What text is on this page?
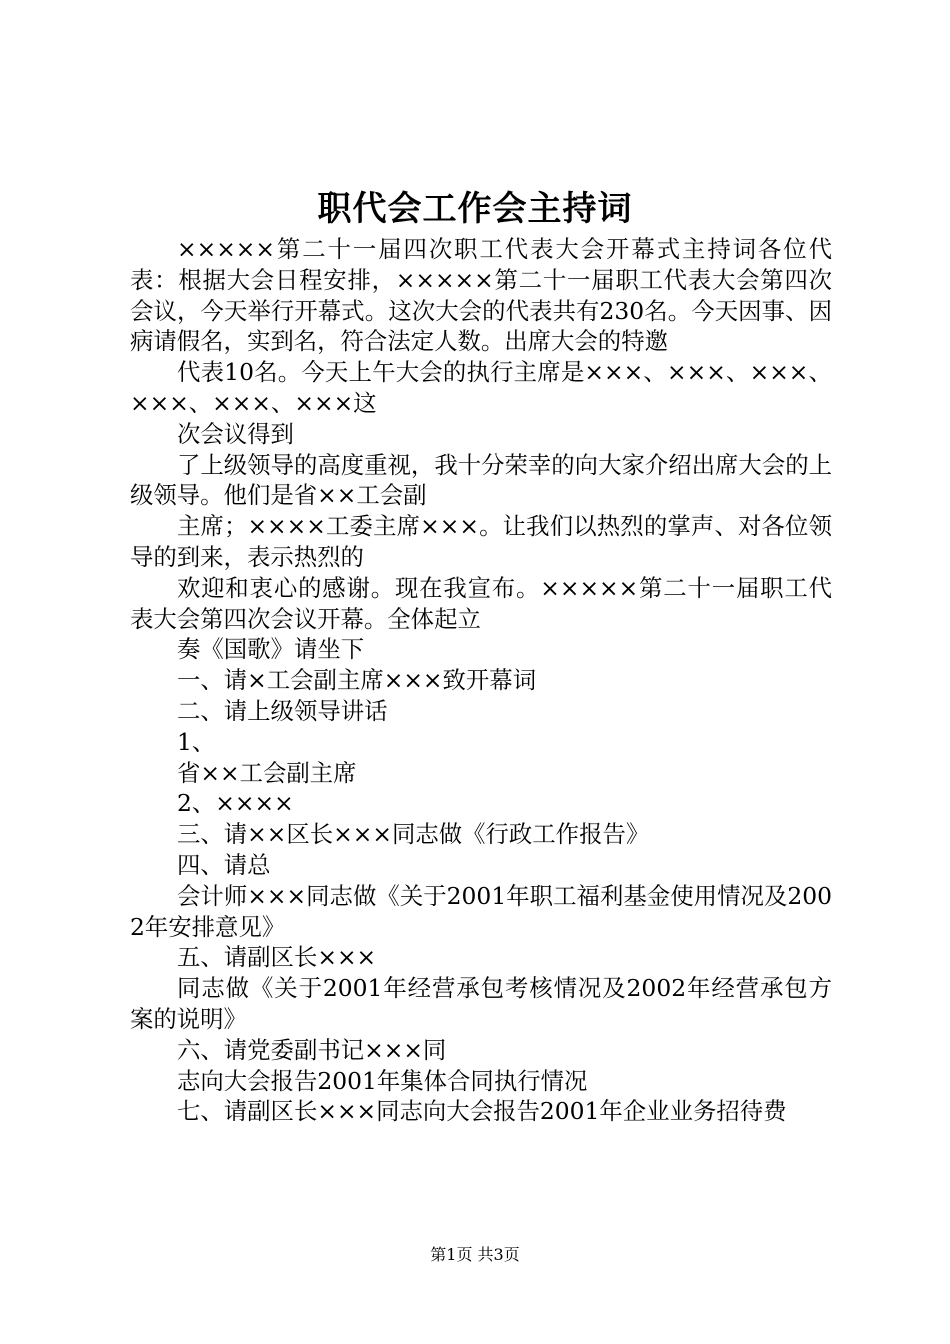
职代会工作会主持词

×××××第二十一届四次职工代表大会开幕式主持词各位代表：根据大会日程安排，×××××第二十一届职工代表大会第四次会议，今天举行开幕式。这次大会的代表共有230名。今天因事、因病请假名，实到名，符合法定人数。出席大会的特邀

代表10名。今天上午大会的执行主席是×××、×××、×××、×××、×××、×××这

次会议得到

了上级领导的高度重视，我十分荣幸的向大家介绍出席大会的上级领导。他们是省××工会副

主席；××××工委主席×××。让我们以热烈的掌声、对各位领导的到来，表示热烈的

欢迎和衷心的感谢。现在我宣布。×××××第二十一届职工代表大会第四次会议开幕。全体起立

奏《国歌》请坐下

一、请×工会副主席×××致开幕词

二、请上级领导讲话

1、

省××工会副主席

2、××××

三、请××区长×××同志做《行政工作报告》

四、请总

会计师×××同志做《关于2001年职工福利基金使用情况及2002年安排意见》

五、请副区长×××

同志做《关于2001年经营承包考核情况及2002年经营承包方案的说明》

六、请党委副书记×××同

志向大会报告2001年集体合同执行情况

七、请副区长×××同志向大会报告2001年企业业务招待费

第1页 共3页
